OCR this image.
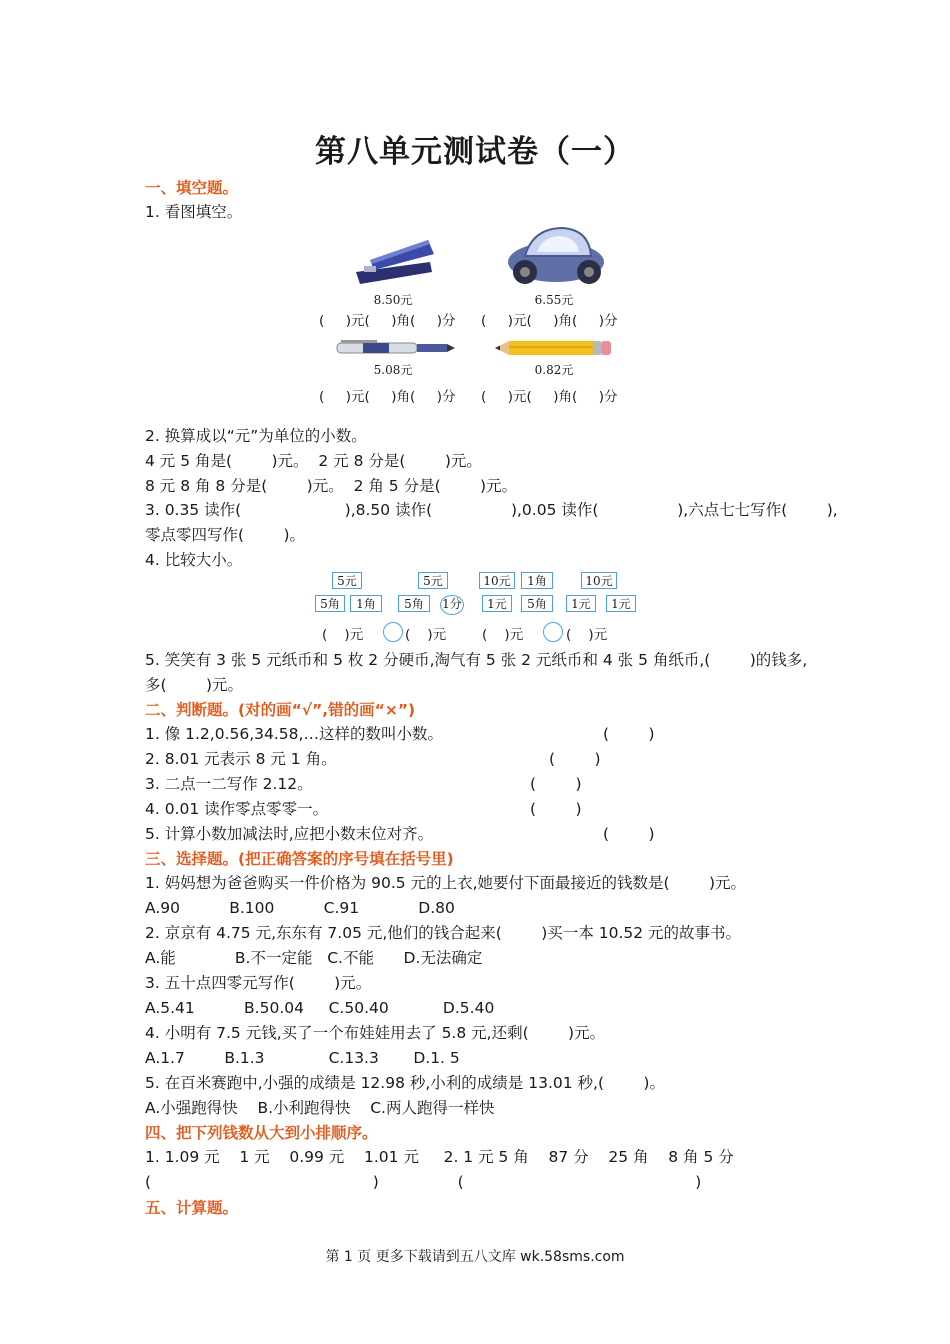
第八单元测试卷（一）
一、填空题。
1. 看图填空。
8.50元	6.55元
(     )元(     )角(     )分 (     )元(     )角(     )分
5.08元	0.82元
(     )元(     )角(     )分 (     )元(     )角(     )分
2. 换算成以“元”为单位的小数。
4 元 5 角是(        )元。  2 元 8 分是(        )元。
8 元 8 角 8 分是(        )元。  2 角 5 分是(        )元。
3. 0.35 读作(                     ),8.50 读作(                ),0.05 读作(                ),六点七七写作(        ),
零点零四写作(        )。
4. 比较大小。
5元	5元	10元	1角	10元
5角	1角	5角	1分	1元	5角	1元	1元
(    )元	(    )元	(    )元	(    )元
5. 笑笑有 3 张 5 元纸币和 5 枚 2 分硬币,淘气有 5 张 2 元纸币和 4 张 5 角纸币,(        )的钱多,
多(        )元。
二、判断题。(对的画“√”,错的画“×”)
1. 像 1.2,0.56,34.58,…这样的数叫小数。	(        )
2. 8.01 元表示 8 元 1 角。	(        )
3. 二点一二写作 2.12。	(        )
4. 0.01 读作零点零零一。	(        )
5. 计算小数加减法时,应把小数末位对齐。	(        )
三、选择题。(把正确答案的序号填在括号里)
1. 妈妈想为爸爸购买一件价格为 90.5 元的上衣,她要付下面最接近的钱数是(        )元。
A.90          B.100          C.91            D.80
2. 京京有 4.75 元,东东有 7.05 元,他们的钱合起来(        )买一本 10.52 元的故事书。
A.能            B.不一定能   C.不能      D.无法确定
3. 五十点四零元写作(        )元。
A.5.41          B.50.04     C.50.40           D.5.40
4. 小明有 7.5 元钱,买了一个布娃娃用去了 5.8 元,还剩(        )元。
A.1.7        B.1.3             C.13.3       D.1. 5
5. 在百米赛跑中,小强的成绩是 12.98 秒,小利的成绩是 13.01 秒,(        )。
A.小强跑得快    B.小利跑得快    C.两人跑得一样快
四、把下列钱数从大到小排顺序。
1. 1.09 元    1 元    0.99 元    1.01 元     2. 1 元 5 角    87 分    25 角    8 角 5 分
(                                             )                (                                               )
五、计算题。
第 1 页 更多下载请到五八文库 wk.58sms.com
